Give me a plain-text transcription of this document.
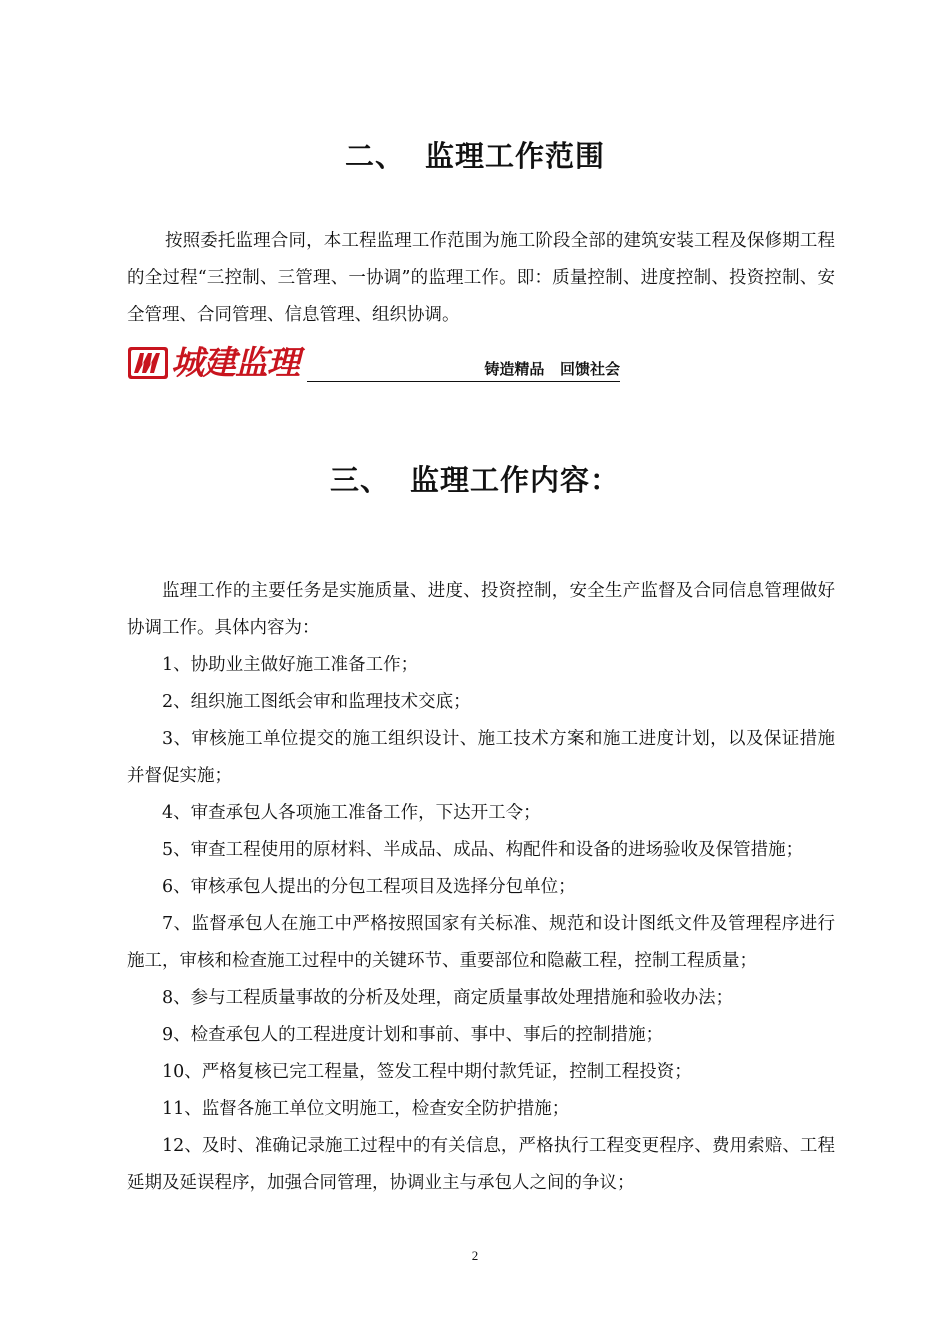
二、 监理工作范围

按照委托监理合同，本工程监理工作范围为施工阶段全部的建筑安装工程及保修期工程的全过程“三控制、三管理、一协调”的监理工作。即：质量控制、进度控制、投资控制、安全管理、合同管理、信息管理、组织协调。

城建监理	铸造精品   回馈社会
三、 监理工作内容：
监理工作的主要任务是实施质量、进度、投资控制，安全生产监督及合同信息管理做好协调工作。具体内容为：
1、协助业主做好施工准备工作；
2、组织施工图纸会审和监理技术交底；
3、审核施工单位提交的施工组织设计、施工技术方案和施工进度计划，以及保证措施并督促实施；
4、审查承包人各项施工准备工作，下达开工令；
5、审查工程使用的原材料、半成品、成品、构配件和设备的进场验收及保管措施；
6、审核承包人提出的分包工程项目及选择分包单位；
7、监督承包人在施工中严格按照国家有关标准、规范和设计图纸文件及管理程序进行施工，审核和检查施工过程中的关键环节、重要部位和隐蔽工程，控制工程质量；
8、参与工程质量事故的分析及处理，商定质量事故处理措施和验收办法；
9、检查承包人的工程进度计划和事前、事中、事后的控制措施；
10、严格复核已完工程量，签发工程中期付款凭证，控制工程投资；
11、监督各施工单位文明施工，检查安全防护措施；
12、及时、准确记录施工过程中的有关信息，严格执行工程变更程序、费用索赔、工程延期及延误程序，加强合同管理，协调业主与承包人之间的争议；
2
